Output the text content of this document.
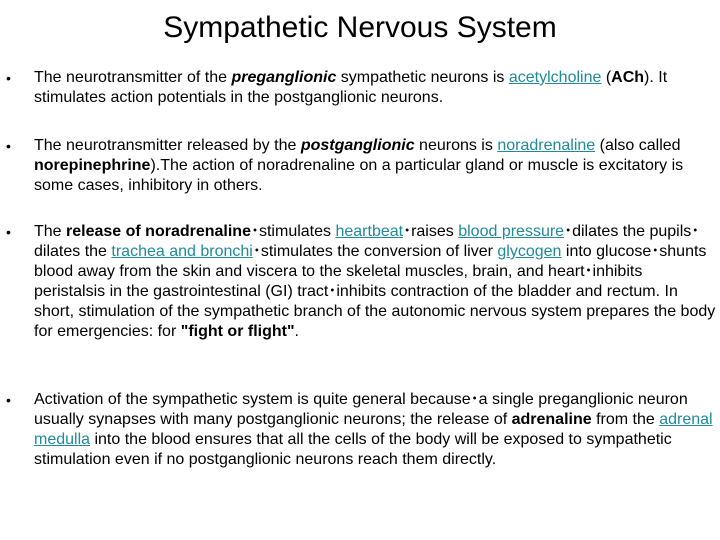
Sympathetic Nervous System
• The neurotransmitter of the preganglionic sympathetic neurons is acetylcholine (ACh). It stimulates action potentials in the postganglionic neurons.
• The neurotransmitter released by the postganglionic neurons is noradrenaline (also called norepinephrine).The action of noradrenaline on a particular gland or muscle is excitatory is some cases, inhibitory in others.
• The release of noradrenaline･stimulates heartbeat･raises blood pressure･dilates the pupils･dilates the trachea and bronchi･stimulates the conversion of liver glycogen into glucose･shunts blood away from the skin and viscera to the skeletal muscles, brain, and heart･inhibits peristalsis in the gastrointestinal (GI) tract･inhibits contraction of the bladder and rectum. In short, stimulation of the sympathetic branch of the autonomic nervous system prepares the body for emergencies: for "fight or flight".
• Activation of the sympathetic system is quite general because･a single preganglionic neuron usually synapses with many postganglionic neurons; the release of adrenaline from the adrenal medulla into the blood ensures that all the cells of the body will be exposed to sympathetic stimulation even if no postganglionic neurons reach them directly.
